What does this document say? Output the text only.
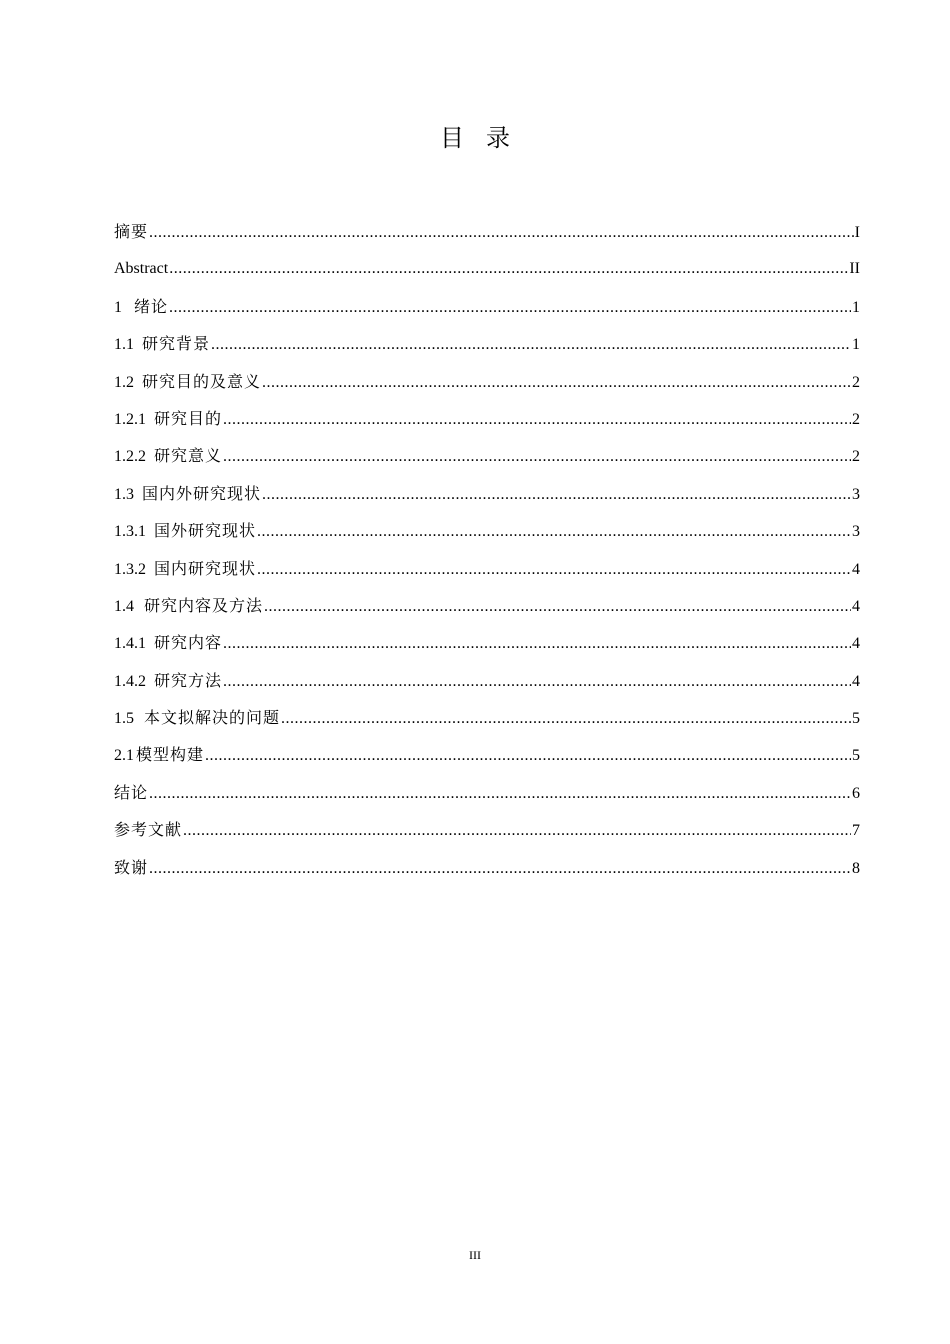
目录
摘要 .....	I
Abstract .....	II
1 绪论 .....	1
1.1 研究背景 .....	1
1.2 研究目的及意义 .....	2
1.2.1 研究目的 .....	2
1.2.2 研究意义 .....	2
1.3 国内外研究现状 .....	3
1.3.1 国外研究现状 .....	3
1.3.2 国内研究现状 .....	4
1.4 研究内容及方法 .....	4
1.4.1 研究内容 .....	4
1.4.2 研究方法 .....	4
1.5 本文拟解决的问题 .....	5
2.1 模型构建 .....	5
结论 .....	6
参考文献 .....	7
致谢 .....	8
III
